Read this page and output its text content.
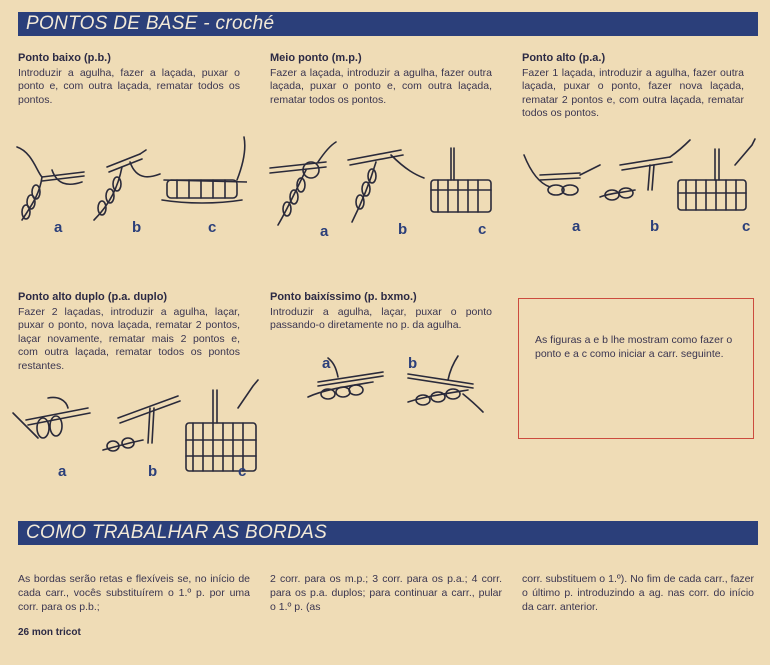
PONTOS DE BASE - croché
Ponto baixo (p.b.)

Introduzir a agulha, fazer a laçada, puxar o ponto e, com outra laçada, rematar todos os pontos.

a	b	c
Meio ponto (m.p.)

Fazer a laçada, introduzir a agulha, fazer outra laçada, puxar o ponto e, com outra laçada, rematar todos os pontos.

a	b	c
Ponto alto (p.a.)

Fazer 1 laçada, introduzir a agulha, fazer outra laçada, puxar o ponto, fazer nova laçada, rematar 2 pontos e, com outra laçada, rematar todos os pontos.

a	b	c
Ponto alto duplo (p.a. duplo)

Fazer 2 laçadas, introduzir a agulha, laçar, puxar o ponto, nova laçada, rematar 2 pontos, laçar novamente, rematar mais 2 pontos e, com outra laçada, rematar todos os pontos restantes.

a	b	c
Ponto baixíssimo (p. bxmo.)

Introduzir a agulha, laçar, puxar o ponto passando-o diretamente no p. da agulha.

a	b

As figuras a e b lhe mostram como fazer o ponto e a c como iniciar a carr. seguinte.

COMO TRABALHAR AS BORDAS
As bordas serão retas e flexíveis se, no início de cada carr., vocês substituírem o 1.º p. por uma corr. para os p.b.;
2 corr. para os m.p.; 3 corr. para os p.a.; 4 corr. para os p.a. duplos; para continuar a carr., pular o 1.º p. (as
corr. substituem o 1.º). No fim de cada carr., fazer o último p. introduzindo a ag. nas corr. do início da carr. anterior.
26 mon tricot
